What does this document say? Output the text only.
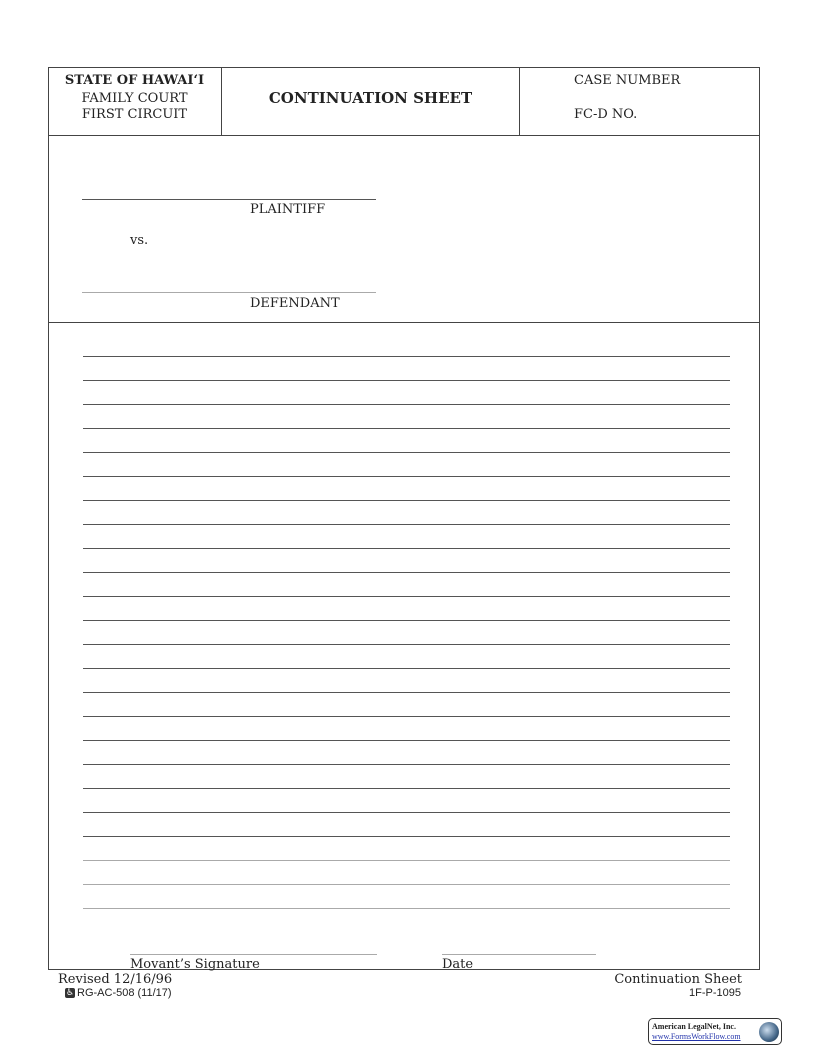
STATE OF HAWAI‘I
FAMILY COURT
FIRST CIRCUIT
CONTINUATION SHEET
CASE NUMBER
FC-D NO.
PLAINTIFF
vs.
DEFENDANT
Movant’s Signature	Date
Revised 12/16/96
♿ RG-AC-508 (11/17)
Continuation Sheet
1F-P-1095
American LegalNet, Inc.
www.FormsWorkFlow.com
